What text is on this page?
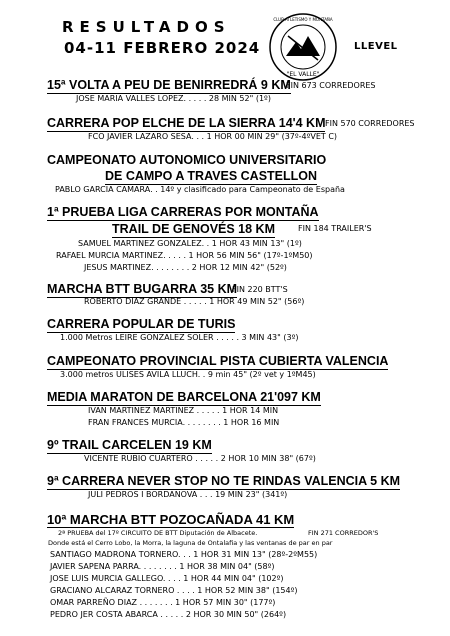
RESULTADOS
04-11 FEBRERO 2024
"EL VALLE"
CLUB ATLETISMO Y MONTAÑA
LLEVEL
15ª VOLTA A PEU DE BENIRREDRÁ 9 KM
FIN 673 CORREDORES
JOSE MARIA VALLES LOPEZ. . . . . 28 MIN 52" (1º)
CARRERA POP ELCHE DE LA SIERRA 14'4 KM FIN 570 CORREDORES
FCO JAVIER LAZARO SESA. . . 1 HOR 00 MIN 29" (37º-4ºVET C)
CAMPEONATO AUTONOMICO UNIVERSITARIO
DE CAMPO A TRAVES CASTELLON
PABLO GARCIA CAMARA. . 14º y clasificado para Campeonato de España
1ª PRUEBA LIGA CARRERAS POR MONTAÑA
TRAIL DE GENOVÉS 18 KM	FIN 184 TRAILER'S
SAMUEL MARTINEZ GONZALEZ. . 1 HOR 43 MIN 13" (1º)
RAFAEL MURCIA MARTINEZ. . . . . 1 HOR 56 MIN 56" (17º-1ºM50)
JESUS MARTINEZ. . . . . . . . 2 HOR 12 MIN 42" (52º)
MARCHA BTT BUGARRA 35 KM
FIN 220 BTT'S
ROBERTO DIAZ GRANDE . . . . . 1 HOR 49 MIN 52" (56º)
CARRERA POPULAR DE TURIS
1.000 Metros LEIRE GONZALEZ SOLER . . . . . 3 MIN 43" (3º)
CAMPEONATO PROVINCIAL PISTA CUBIERTA VALENCIA
3.000 metros ULISES AVILA LLUCH. . 9 min 45" (2º vet y 1ºM45)
MEDIA MARATON DE BARCELONA 21'097 KM
IVAN MARTINEZ MARTINEZ . . . . . 1 HOR 14 MIN
FRAN FRANCES MURCIA. . . . . . . . 1 HOR 16 MIN
9º TRAIL CARCELEN 19 KM
VICENTE RUBIO CUARTERO . . . . . 2 HOR 10 MIN 38" (67º)
9ª CARRERA NEVER STOP NO TE RINDAS VALENCIA 5 KM
JULI PEDROS I BORDANOVA . . . 19 MIN 23" (341º)
10ª MARCHA BTT POZOCAÑADA 41 KM
2ª PRUEBA del 17º CIRCUITO DE BTT Diputación de Albacete.	FIN 271 CORREDOR'S
Donde está el Cerro Lobo, la Morra, la laguna de Ontalafia y las ventanas de par en par
SANTIAGO MADRONA TORNERO. . . 1 HOR 31 MIN 13" (28º-2ºM55)
JAVIER SAPENA PARRA. . . . . . . . 1 HOR 38 MIN 04" (58º)
JOSE LUIS MURCIA GALLEGO. . . . 1 HOR 44 MIN 04" (102º)
GRACIANO ALCARAZ TORNERO . . . . 1 HOR 52 MIN 38" (154º)
OMAR PARREÑO DIAZ . . . . . . . 1 HOR 57 MIN 30" (177º)
PEDRO JER COSTA ABARCA . . . . . 2 HOR 30 MIN 50" (264º)
